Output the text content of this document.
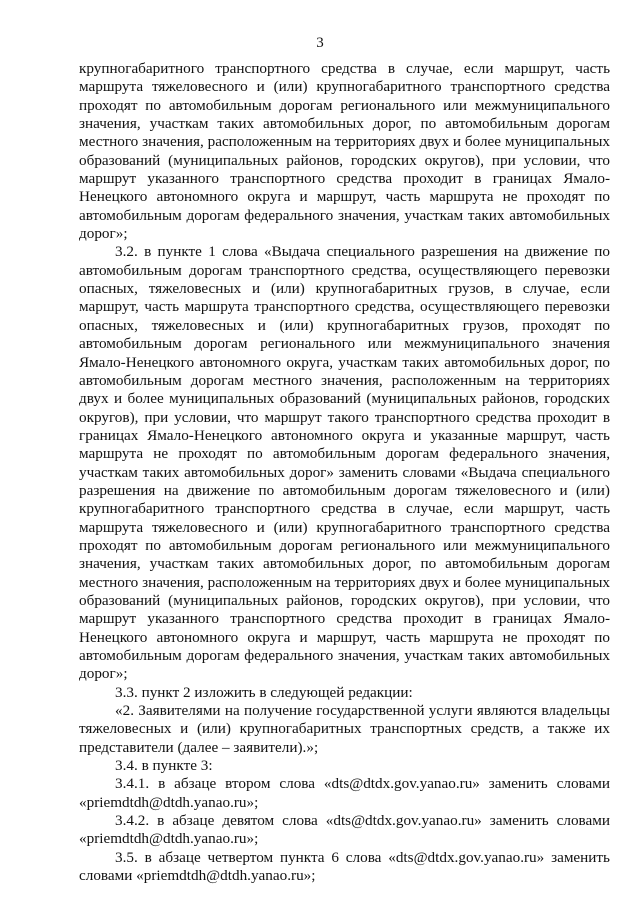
3

крупногабаритного транспортного средства в случае, если маршрут, часть маршрута тяжеловесного и (или) крупногабаритного транспортного средства проходят по автомобильным дорогам регионального или межмуниципального значения, участкам таких автомобильных дорог, по автомобильным дорогам местного значения, расположенным на территориях двух и более муниципальных образований (муниципальных районов, городских округов), при условии, что маршрут указанного транспортного средства проходит в границах Ямало-Ненецкого автономного округа и маршрут, часть маршрута не проходят по автомобильным дорогам федерального значения, участкам таких автомобильных дорог»;

3.2. в пункте 1 слова «Выдача специального разрешения на движение по автомобильным дорогам транспортного средства, осуществляющего перевозки опасных, тяжеловесных и (или) крупногабаритных грузов, в случае, если маршрут, часть маршрута транспортного средства, осуществляющего перевозки опасных, тяжеловесных и (или) крупногабаритных грузов, проходят по автомобильным дорогам регионального или межмуниципального значения Ямало-Ненецкого автономного округа, участкам таких автомобильных дорог, по автомобильным дорогам местного значения, расположенным на территориях двух и более муниципальных образований (муниципальных районов, городских округов), при условии, что маршрут такого транспортного средства проходит в границах Ямало-Ненецкого автономного округа и указанные маршрут, часть маршрута не проходят по автомобильным дорогам федерального значения, участкам таких автомобильных дорог» заменить словами «Выдача специального разрешения на движение по автомобильным дорогам тяжеловесного и (или) крупногабаритного транспортного средства в случае, если маршрут, часть маршрута тяжеловесного и (или) крупногабаритного транспортного средства проходят по автомобильным дорогам регионального или межмуниципального значения, участкам таких автомобильных дорог, по автомобильным дорогам местного значения, расположенным на территориях двух и более муниципальных образований (муниципальных районов, городских округов), при условии, что маршрут указанного транспортного средства проходит в границах Ямало-Ненецкого автономного округа и маршрут, часть маршрута не проходят по автомобильным дорогам федерального значения, участкам таких автомобильных дорог»;

3.3. пункт 2 изложить в следующей редакции:

«2. Заявителями на получение государственной услуги являются владельцы тяжеловесных и (или) крупногабаритных транспортных средств, а также их представители (далее – заявители).»;

3.4. в пункте 3:

3.4.1. в абзаце втором слова «dts@dtdx.gov.yanao.ru» заменить словами «priemdtdh@dtdh.yanao.ru»;

3.4.2. в абзаце девятом слова «dts@dtdx.gov.yanao.ru» заменить словами «priemdtdh@dtdh.yanao.ru»;

3.5. в абзаце четвертом пункта 6 слова «dts@dtdx.gov.yanao.ru» заменить словами «priemdtdh@dtdh.yanao.ru»;
